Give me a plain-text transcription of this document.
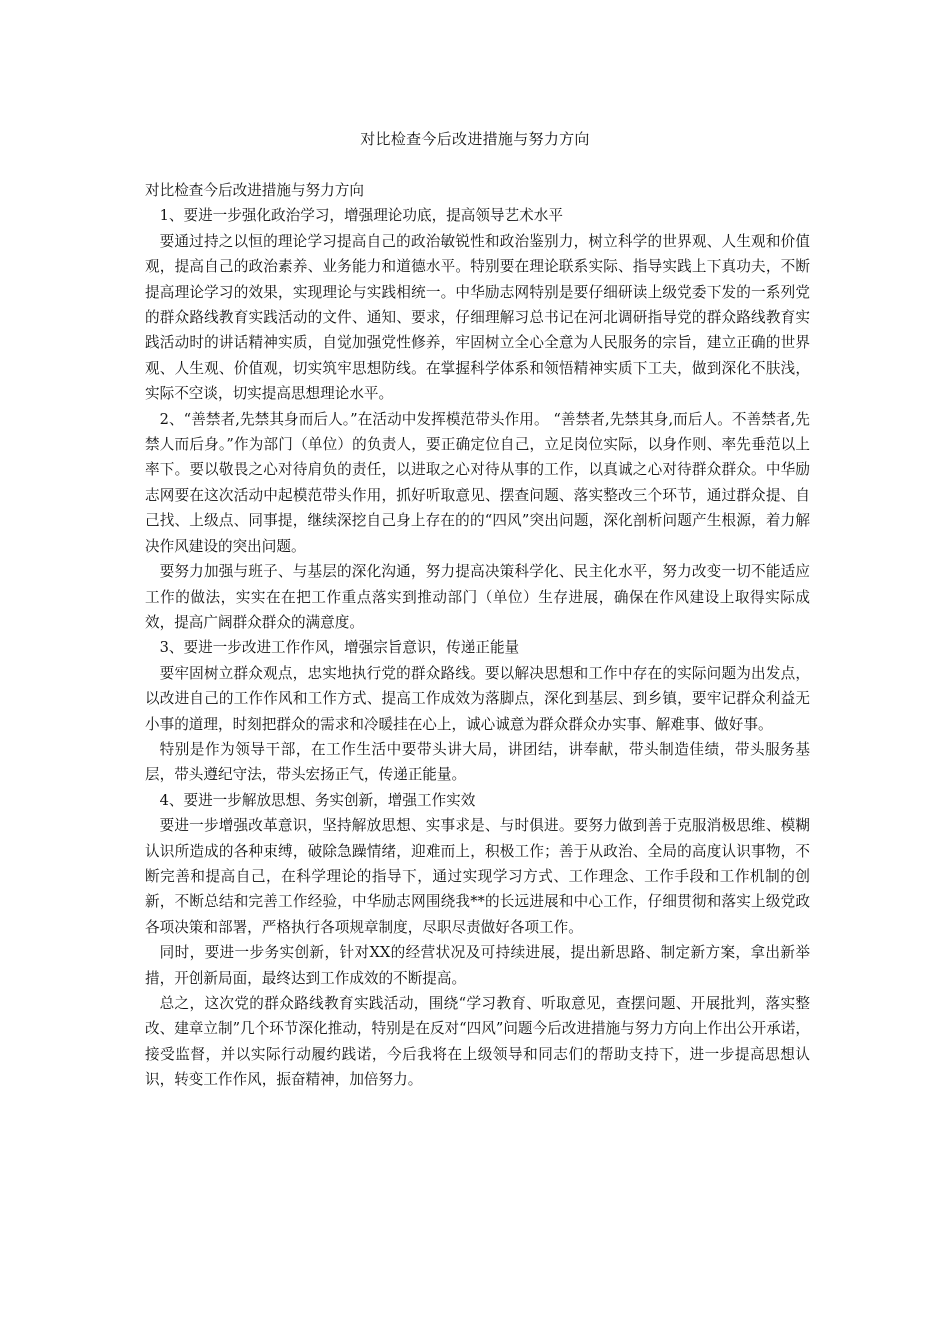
对比检查今后改进措施与努力方向

对比检查今后改进措施与努力方向

1、要进一步强化政治学习，增强理论功底，提高领导艺术水平

要通过持之以恒的理论学习提高自己的政治敏锐性和政治鉴别力，树立科学的世界观、人生观和价值观，提高自己的政治素养、业务能力和道德水平。特别要在理论联系实际、指导实践上下真功夫，不断提高理论学习的效果，实现理论与实践相统一。中华励志网特别是要仔细研读上级党委下发的一系列党的群众路线教育实践活动的文件、通知、要求，仔细理解习总书记在河北调研指导党的群众路线教育实践活动时的讲话精神实质，自觉加强党性修养，牢固树立全心全意为人民服务的宗旨，建立正确的世界观、人生观、价值观，切实筑牢思想防线。在掌握科学体系和领悟精神实质下工夫，做到深化不肤浅，实际不空谈，切实提高思想理论水平。

2、“善禁者,先禁其身而后人。”在活动中发挥模范带头作用。 “善禁者,先禁其身,而后人。不善禁者,先禁人而后身。”作为部门（单位）的负责人，要正确定位自己，立足岗位实际，以身作则、率先垂范以上率下。要以敬畏之心对待肩负的责任，以进取之心对待从事的工作，以真诚之心对待群众群众。中华励志网要在这次活动中起模范带头作用，抓好听取意见、摆查问题、落实整改三个环节，通过群众提、自己找、上级点、同事提，继续深挖自己身上存在的的“四风”突出问题，深化剖析问题产生根源，着力解决作风建设的突出问题。

要努力加强与班子、与基层的深化沟通，努力提高决策科学化、民主化水平，努力改变一切不能适应工作的做法，实实在在把工作重点落实到推动部门（单位）生存进展，确保在作风建设上取得实际成效，提高广阔群众群众的满意度。

3、要进一步改进工作作风，增强宗旨意识，传递正能量

要牢固树立群众观点，忠实地执行党的群众路线。要以解决思想和工作中存在的实际问题为出发点，以改进自己的工作作风和工作方式、提高工作成效为落脚点，深化到基层、到乡镇，要牢记群众利益无小事的道理，时刻把群众的需求和冷暖挂在心上，诚心诚意为群众群众办实事、解难事、做好事。

特别是作为领导干部，在工作生活中要带头讲大局，讲团结，讲奉献，带头制造佳绩，带头服务基层，带头遵纪守法，带头宏扬正气，传递正能量。

4、要进一步解放思想、务实创新，增强工作实效

要进一步增强改革意识，坚持解放思想、实事求是、与时俱进。要努力做到善于克服消极思维、模糊认识所造成的各种束缚，破除急躁情绪，迎难而上，积极工作；善于从政治、全局的高度认识事物，不断完善和提高自己，在科学理论的指导下，通过实现学习方式、工作理念、工作手段和工作机制的创新，不断总结和完善工作经验，中华励志网围绕我**的长远进展和中心工作，仔细贯彻和落实上级党政各项决策和部署，严格执行各项规章制度，尽职尽责做好各项工作。

同时，要进一步务实创新，针对XX的经营状况及可持续进展，提出新思路、制定新方案，拿出新举措，开创新局面，最终达到工作成效的不断提高。

总之，这次党的群众路线教育实践活动，围绕“学习教育、听取意见，查摆问题、开展批判，落实整改、建章立制”几个环节深化推动，特别是在反对“四风”问题今后改进措施与努力方向上作出公开承诺，接受监督，并以实际行动履约践诺，今后我将在上级领导和同志们的帮助支持下，进一步提高思想认识，转变工作作风，振奋精神，加倍努力。
